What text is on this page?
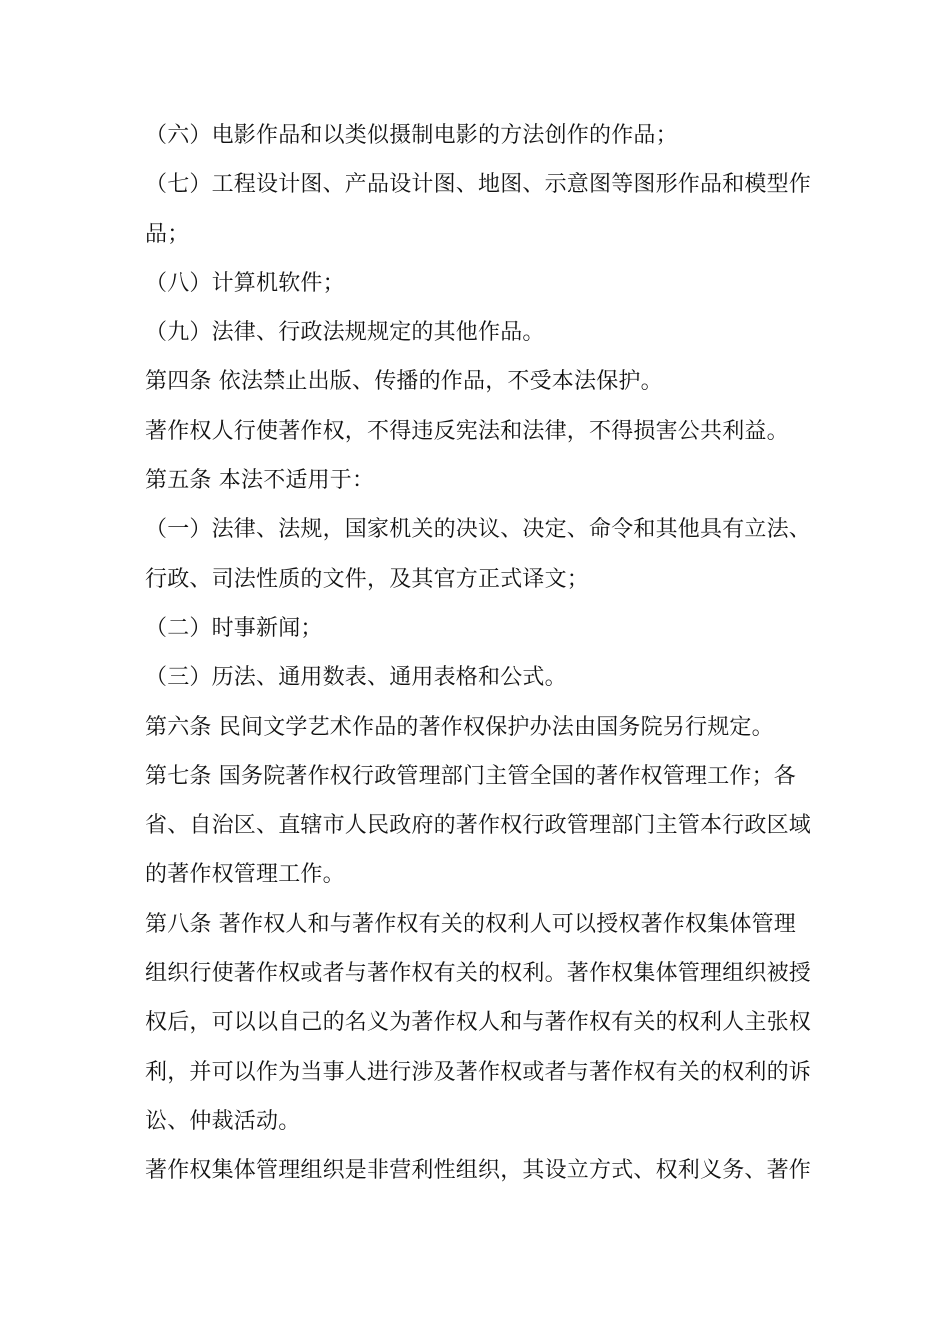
（六）电影作品和以类似摄制电影的方法创作的作品；
（七）工程设计图、产品设计图、地图、示意图等图形作品和模型作
品；
（八）计算机软件；
（九）法律、行政法规规定的其他作品。
第四条 依法禁止出版、传播的作品，不受本法保护。
著作权人行使著作权，不得违反宪法和法律，不得损害公共利益。
第五条 本法不适用于：
（一）法律、法规，国家机关的决议、决定、命令和其他具有立法、
行政、司法性质的文件，及其官方正式译文；
（二）时事新闻；
（三）历法、通用数表、通用表格和公式。
第六条 民间文学艺术作品的著作权保护办法由国务院另行规定。
第七条 国务院著作权行政管理部门主管全国的著作权管理工作；各
省、自治区、直辖市人民政府的著作权行政管理部门主管本行政区域
的著作权管理工作。
第八条 著作权人和与著作权有关的权利人可以授权著作权集体管理
组织行使著作权或者与著作权有关的权利。著作权集体管理组织被授
权后，可以以自己的名义为著作权人和与著作权有关的权利人主张权
利，并可以作为当事人进行涉及著作权或者与著作权有关的权利的诉
讼、仲裁活动。
著作权集体管理组织是非营利性组织，其设立方式、权利义务、著作
